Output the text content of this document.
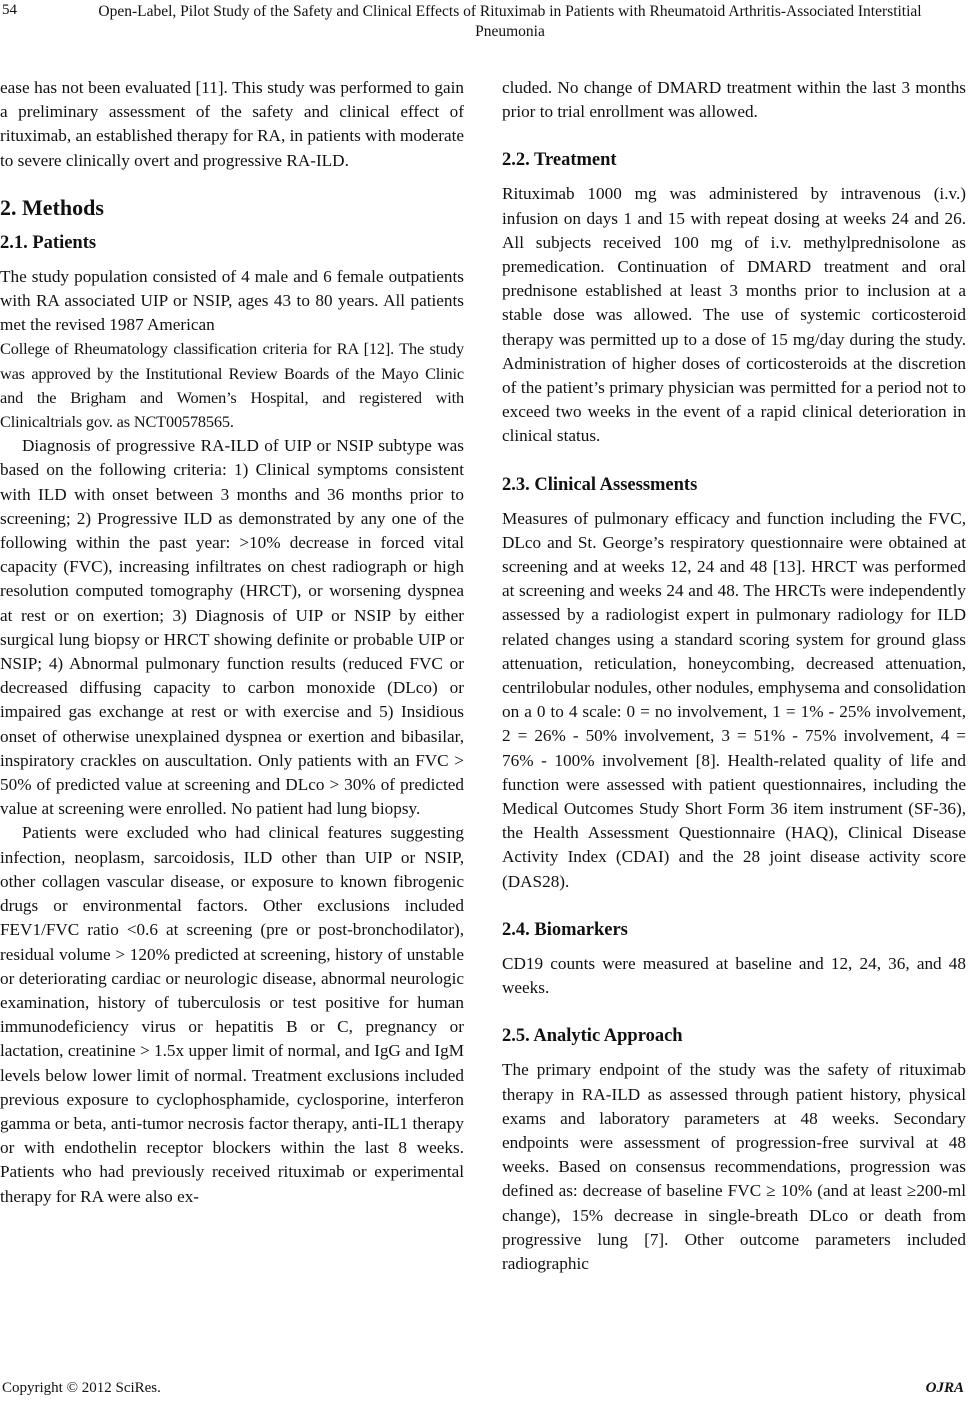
54	Open-Label, Pilot Study of the Safety and Clinical Effects of Rituximab in Patients with Rheumatoid Arthritis-Associated Interstitial Pneumonia

ease has not been evaluated [11]. This study was performed to gain a preliminary assessment of the safety and clinical effect of rituximab, an established therapy for RA, in patients with moderate to severe clinically overt and progressive RA-ILD.

2. Methods
2.1. Patients

The study population consisted of 4 male and 6 female outpatients with RA associated UIP or NSIP, ages 43 to 80 years. All patients met the revised 1987 American

College of Rheumatology classification criteria for RA [12]. The study was approved by the Institutional Review Boards of the Mayo Clinic and the Brigham and Women’s Hospital, and registered with Clinicaltrials gov. as NCT00578565.

Diagnosis of progressive RA-ILD of UIP or NSIP subtype was based on the following criteria: 1) Clinical symptoms consistent with ILD with onset between 3 months and 36 months prior to screening; 2) Progressive ILD as demonstrated by any one of the following within the past year: >10% decrease in forced vital capacity (FVC), increasing infiltrates on chest radiograph or high resolution computed tomography (HRCT), or worsening dyspnea at rest or on exertion; 3) Diagnosis of UIP or NSIP by either surgical lung biopsy or HRCT showing definite or probable UIP or NSIP; 4) Abnormal pulmonary function results (reduced FVC or decreased diffusing capacity to carbon monoxide (DLco) or impaired gas exchange at rest or with exercise and 5) Insidious onset of otherwise unexplained dyspnea or exertion and bibasilar, inspiratory crackles on auscultation. Only patients with an FVC > 50% of predicted value at screening and DLco > 30% of predicted value at screening were enrolled. No patient had lung biopsy.

Patients were excluded who had clinical features suggesting infection, neoplasm, sarcoidosis, ILD other than UIP or NSIP, other collagen vascular disease, or exposure to known fibrogenic drugs or environmental factors. Other exclusions included FEV1/FVC ratio <0.6 at screening (pre or post-bronchodilator), residual volume > 120% predicted at screening, history of unstable or deteriorating cardiac or neurologic disease, abnormal neurologic examination, history of tuberculosis or test positive for human immunodeficiency virus or hepatitis B or C, pregnancy or lactation, creatinine > 1.5x upper limit of normal, and IgG and IgM levels below lower limit of normal. Treatment exclusions included previous exposure to cyclophosphamide, cyclosporine, interferon gamma or beta, anti-tumor necrosis factor therapy, anti-IL1 therapy or with endothelin receptor blockers within the last 8 weeks. Patients who had previously received rituximab or experimental therapy for RA were also ex-

cluded. No change of DMARD treatment within the last 3 months prior to trial enrollment was allowed.

2.2. Treatment

Rituximab 1000 mg was administered by intravenous (i.v.) infusion on days 1 and 15 with repeat dosing at weeks 24 and 26. All subjects received 100 mg of i.v. methylprednisolone as premedication. Continuation of DMARD treatment and oral prednisone established at least 3 months prior to inclusion at a stable dose was allowed. The use of systemic corticosteroid therapy was permitted up to a dose of 15 mg/day during the study. Administration of higher doses of corticosteroids at the discretion of the patient’s primary physician was permitted for a period not to exceed two weeks in the event of a rapid clinical deterioration in clinical status.

2.3. Clinical Assessments

Measures of pulmonary efficacy and function including the FVC, DLco and St. George’s respiratory questionnaire were obtained at screening and at weeks 12, 24 and 48 [13]. HRCT was performed at screening and weeks 24 and 48. The HRCTs were independently assessed by a radiologist expert in pulmonary radiology for ILD related changes using a standard scoring system for ground glass attenuation, reticulation, honeycombing, decreased attenuation, centrilobular nodules, other nodules, emphysema and consolidation on a 0 to 4 scale: 0 = no involvement, 1 = 1% - 25% involvement, 2 = 26% - 50% involvement, 3 = 51% - 75% involvement, 4 = 76% - 100% involvement [8]. Health-related quality of life and function were assessed with patient questionnaires, including the Medical Outcomes Study Short Form 36 item instrument (SF-36), the Health Assessment Questionnaire (HAQ), Clinical Disease Activity Index (CDAI) and the 28 joint disease activity score (DAS28).

2.4. Biomarkers

CD19 counts were measured at baseline and 12, 24, 36, and 48 weeks.

2.5. Analytic Approach

The primary endpoint of the study was the safety of rituximab therapy in RA-ILD as assessed through patient history, physical exams and laboratory parameters at 48 weeks. Secondary endpoints were assessment of progression-free survival at 48 weeks. Based on consensus recommendations, progression was defined as: decrease of baseline FVC ≥ 10% (and at least ≥200-ml change), 15% decrease in single-breath DLco or death from progressive lung [7]. Other outcome parameters included radiographic

Copyright © 2012 SciRes.	OJRA
